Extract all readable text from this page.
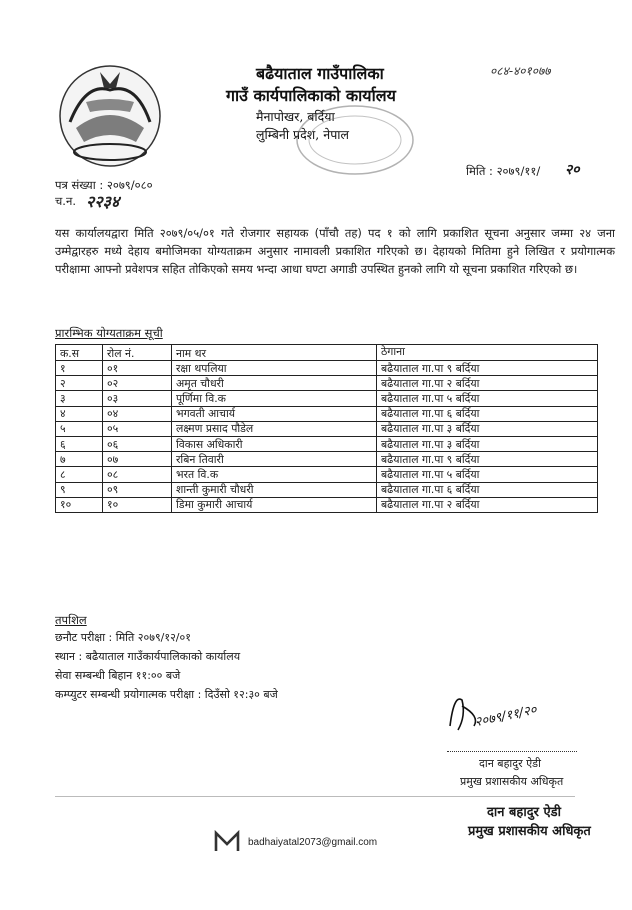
बढैयाताल गाउँपालिका
गाउँ कार्यपालिकाको कार्यालय
मैनापोखर, बर्दिया
लुम्बिनी प्रदेश, नेपाल
०८४-४०१०७७
पत्र संख्या : २०७९/०८०
च.न. २२३४
मिति : २०७९/११/ २०
यस कार्यालयद्वारा मिति २०७९/०५/०१ गते रोजगार सहायक (पाँचौ तह) पद १ को लागि प्रकाशित सूचना अनुसार जम्मा २४ जना उम्मेद्वारहरु मध्ये देहाय बमोजिमका योग्यताक्रम अनुसार नामावली प्रकाशित गरिएको छ। देहायको मितिमा हुने लिखित र प्रयोगात्मक परीक्षामा आफ्नो प्रवेशपत्र सहित तोकिएको समय भन्दा आधा घण्टा अगाडी उपस्थित हुनको लागि यो सूचना प्रकाशित गरिएको छ।
प्रारम्भिक योग्यताक्रम सूची
क.स	रोल नं.	नाम थर	ठेगाना
१	०१	रक्षा थपलिया	बढैयाताल गा.पा ९ बर्दिया
२	०२	अमृत चौधरी	बढैयाताल गा.पा २ बर्दिया
३	०३	पूर्णिमा वि.क	बढैयाताल गा.पा ५ बर्दिया
४	०४	भगवती आचार्य	बढैयाताल गा.पा ६ बर्दिया
५	०५	लक्ष्मण प्रसाद पौडेल	बढैयाताल गा.पा ३ बर्दिया
६	०६	विकास अधिकारी	बढैयाताल गा.पा ३ बर्दिया
७	०७	रबिन तिवारी	बढैयाताल गा.पा ९ बर्दिया
८	०८	भरत वि.क	बढैयाताल गा.पा ५ बर्दिया
९	०९	शान्ती कुमारी चौधरी	बढैयाताल गा.पा ६ बर्दिया
१०	१०	डिमा कुमारी आचार्य	बढैयाताल गा.पा २ बर्दिया
तपशिल
छनौट परीक्षा : मिति २०७९/१२/०१
स्थान : बढैयाताल गाउँकार्यपालिकाको कार्यालय
सेवा सम्बन्धी बिहान ११:०० बजे
कम्प्युटर सम्बन्धी प्रयोगात्मक परीक्षा : दिउँसो १२:३० बजे
२०७९/११/२०
दान बहादुर ऐडी
प्रमुख प्रशासकीय अधिकृत
दान बहादुर ऐडी
प्रमुख प्रशासकीय अधिकृत
badhaiyatal2073@gmail.com
